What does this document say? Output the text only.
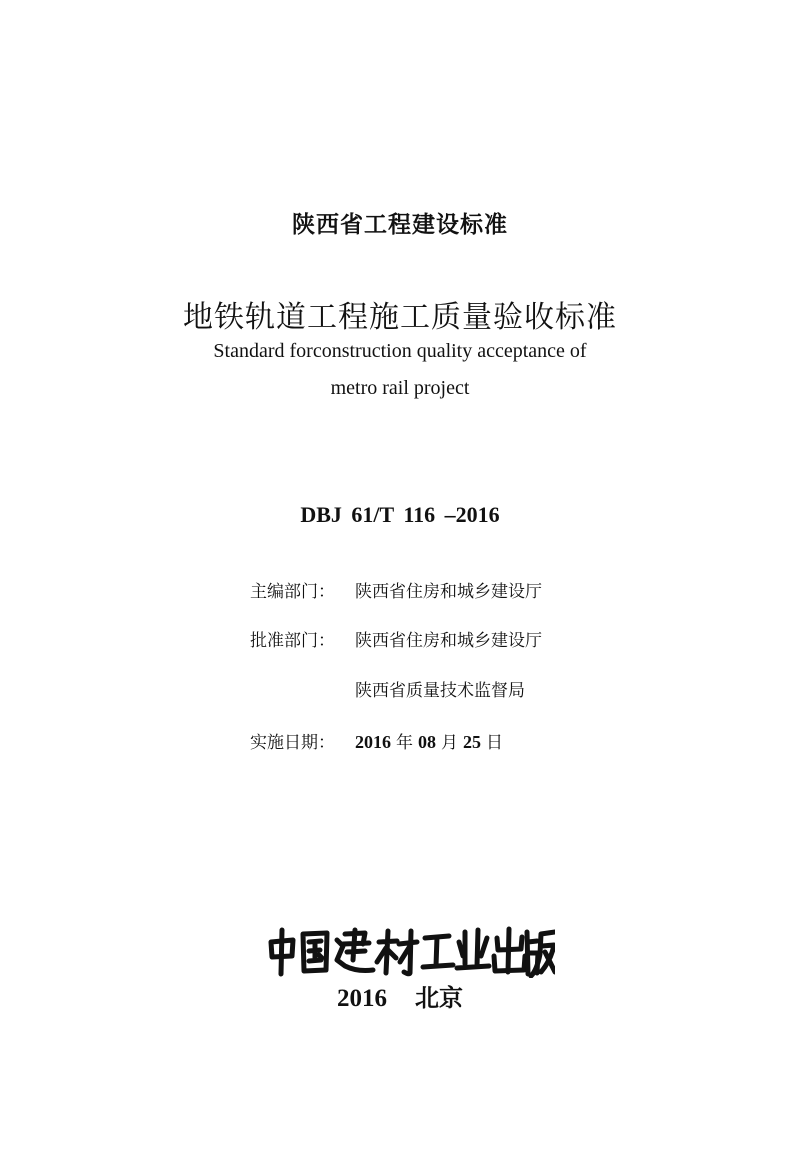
陕西省工程建设标准
地铁轨道工程施工质量验收标准
Standard forconstruction quality acceptance of
metro rail project
DBJ 61/T 116 –2016
主编部门： 陕西省住房和城乡建设厅
批准部门： 陕西省住房和城乡建设厅
陕西省质量技术监督局
实施日期： 2016 年 08 月 25 日
2016 北京
